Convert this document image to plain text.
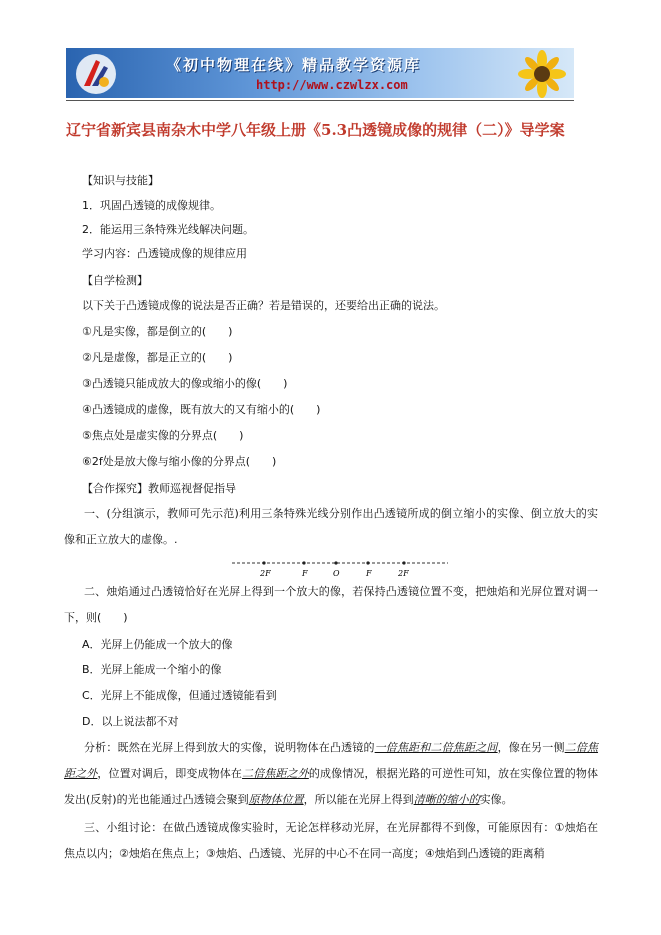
《初中物理在线》精品教学资源库
http://www.czwlzx.com
辽宁省新宾县南杂木中学八年级上册《5.3凸透镜成像的规律（二）》导学案
【知识与技能】
1．巩固凸透镜的成像规律。
2．能运用三条特殊光线解决问题。
学习内容：凸透镜成像的规律应用
【自学检测】
以下关于凸透镜成像的说法是否正确？若是错误的，还要给出正确的说法。
①凡是实像，都是倒立的(　　)
②凡是虚像，都是正立的(　　)
③凸透镜只能成放大的像或缩小的像(　　)
④凸透镜成的虚像，既有放大的又有缩小的(　　)
⑤焦点处是虚实像的分界点(　　)
⑥2f处是放大像与缩小像的分界点(　　)
【合作探究】教师巡视督促指导
一、(分组演示，教师可先示范)利用三条特殊光线分别作出凸透镜所成的倒立缩小的实像、倒立放大的实像和正立放大的虚像。.
2F	F	O	F	2F
二、烛焰通过凸透镜恰好在光屏上得到一个放大的像，若保持凸透镜位置不变，把烛焰和光屏位置对调一下，则(　　)
A．光屏上仍能成一个放大的像
B．光屏上能成一个缩小的像
C．光屏上不能成像，但通过透镜能看到
D．以上说法都不对
分析：既然在光屏上得到放大的实像，说明物体在凸透镜的一倍焦距和二倍焦距之间，像在另一侧二倍焦距之外，位置对调后，即变成物体在二倍焦距之外的成像情况，根据光路的可逆性可知，放在实像位置的物体发出(反射)的光也能通过凸透镜会聚到原物体位置，所以能在光屏上得到清晰的缩小的实像。
三、小组讨论：在做凸透镜成像实验时，无论怎样移动光屏，在光屏都得不到像，可能原因有：①烛焰在焦点以内；②烛焰在焦点上；③烛焰、凸透镜、光屏的中心不在同一高度；④烛焰到凸透镜的距离稍
